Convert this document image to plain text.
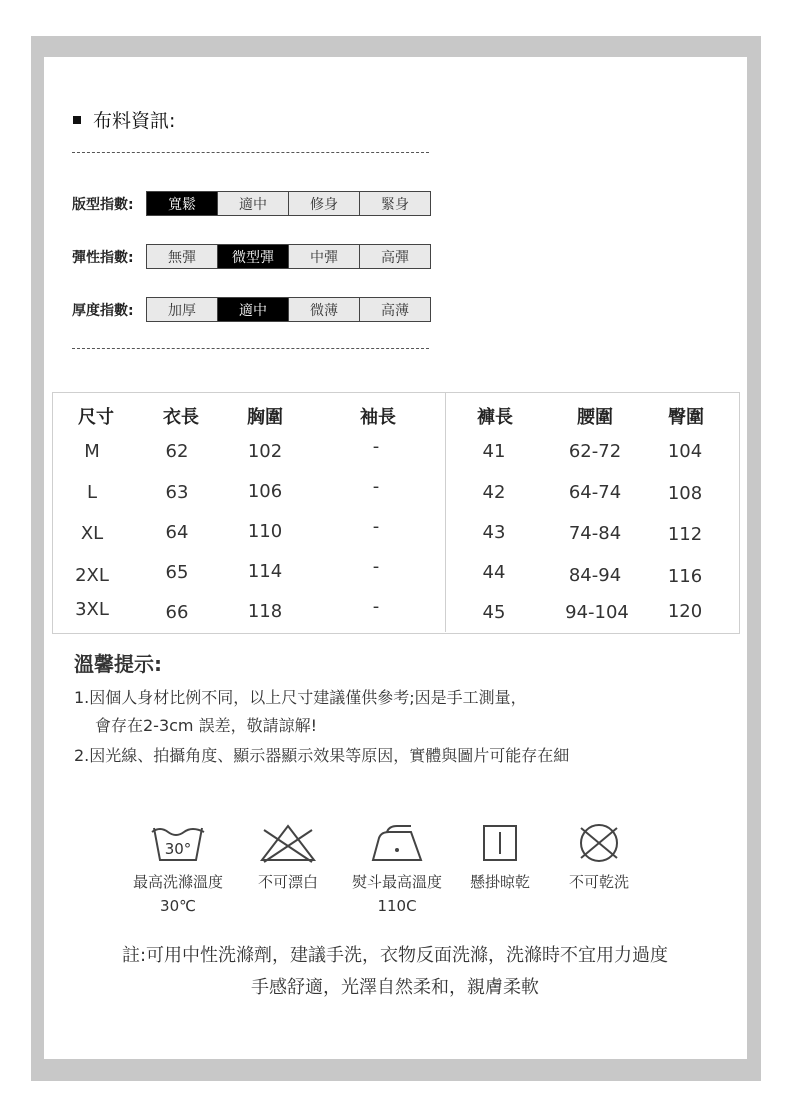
布料資訊:
版型指數:	寬鬆	適中	修身	緊身
彈性指數:	無彈	微型彈	中彈	高彈
厚度指數:	加厚	適中	微薄	高薄
尺寸	衣長	胸圍	袖長	褲長	腰圍	臀圍
M	62	102	-	41	62-72	104
L	63	106	-	42	64-74	108
XL	64	110	-	43	74-84	112
2XL	65	114	-	44	84-94	116
3XL	66	118	-	45	94-104 120
溫馨提示:
1.因個人身材比例不同，以上尺寸建議僅供參考;因是手工測量，
會存在2-3cm 誤差，敬請諒解!
2.因光線、拍攝角度、顯示器顯示效果等原因，實體與圖片可能存在細
30°
最高洗滌溫度
30℃
不可漂白	熨斗最高溫度
110C
懸掛晾乾	不可乾洗
註:可用中性洗滌劑，建議手洗，衣物反面洗滌，洗滌時不宜用力過度
手感舒適，光澤自然柔和，親膚柔軟
